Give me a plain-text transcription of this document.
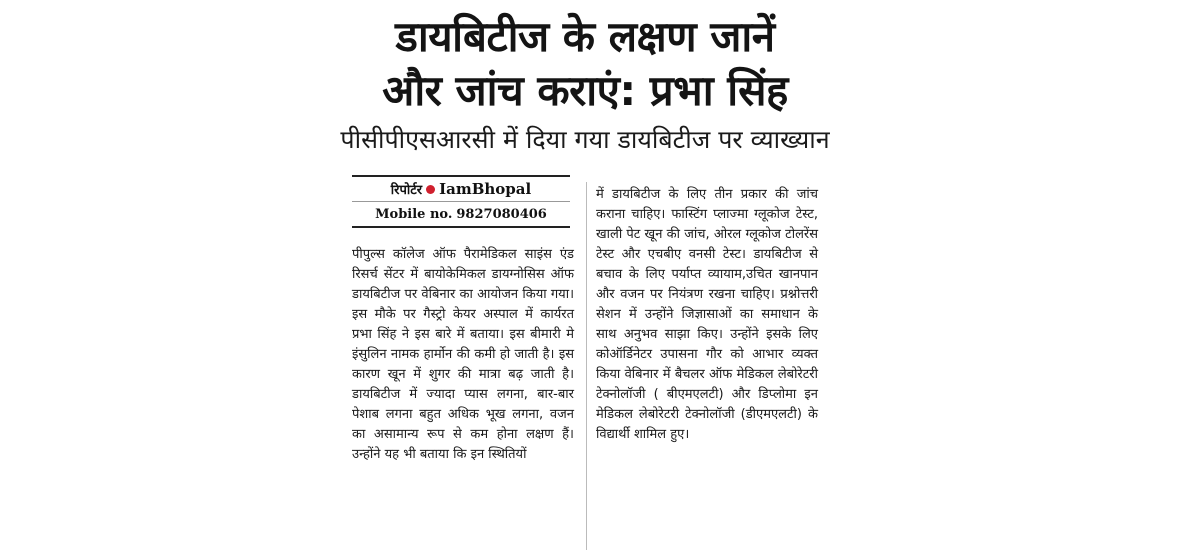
डायबिटीज के लक्षण जानें
और जांच कराएं: प्रभा सिंह
पीसीपीएसआरसी में दिया गया डायबिटीज पर व्याख्यान
रिपोर्टर IamBhopal
Mobile no. 9827080406

पीपुल्स कॉलेज ऑफ पैरामेडिकल साइंस एंड रिसर्च सेंटर में बायोकेमिकल डायग्नोसिस ऑफ डायबिटीज पर वेबिनार का आयोजन किया गया। इस मौके पर गैस्ट्रो केयर अस्पाल में कार्यरत प्रभा सिंह ने इस बारे में बताया। इस बीमारी मे इंसुलिन नामक हार्मोन की कमी हो जाती है। इस कारण खून में शुगर की मात्रा बढ़ जाती है। डायबिटीज में ज्यादा प्यास लगना, बार-बार पेशाब लगना बहुत अधिक भूख लगना, वजन का असामान्य रूप से कम होना लक्षण हैं। उन्होंने यह भी बताया कि इन स्थितियों

में डायबिटीज के लिए तीन प्रकार की जांच कराना चाहिए। फास्टिंग प्लाज्मा ग्लूकोज टेस्ट, खाली पेट खून की जांच, ओरल ग्लूकोज टोलरेंस टेस्ट और एचबीए वनसी टेस्ट। डायबिटीज से बचाव के लिए पर्याप्त व्यायाम,उचित खानपान और वजन पर नियंत्रण रखना चाहिए। प्रश्नोत्तरी सेशन में उन्होंने जिज्ञासाओं का समाधान के साथ अनुभव साझा किए। उन्होंने इसके लिए कोऑर्डिनेटर उपासना गौर को आभार व्यक्त किया वेबिनार में बैचलर ऑफ मेडिकल लेबोरेटरी टेक्नोलॉजी ( बीएमएलटी) और डिप्लोमा इन मेडिकल लेबोरेटरी टेक्नोलॉजी (डीएमएलटी) के विद्यार्थी शामिल हुए।
